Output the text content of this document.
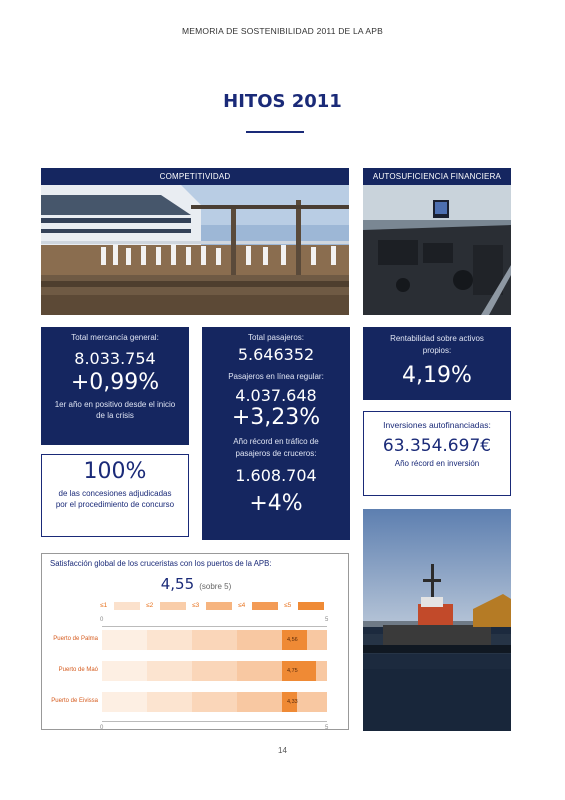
MEMORIA DE SOSTENIBILIDAD 2011 DE LA APB
HITOS 2011
COMPETITIVIDAD	AUTOSUFICIENCIA FINANCIERA
Total mercancía general:
8.033.754
+0,99%
1er año en positivo desde el inicio de la crisis
100%
de las concesiones adjudicadas por el procedimiento de concurso
Total pasajeros:
5.646352
Pasajeros en línea regular:
4.037.648
+3,23%
Año récord en tráfico de pasajeros de cruceros:
1.608.704
+4%
Rentabilidad sobre activos propios:
4,19%
Inversiones autofinanciadas:
63.354.697€
Año récord en inversión
Satisfacción global de los cruceristas con los puertos de la APB:
4,55 (sobre 5)
≤1	≤2	≤3	≤4	≤5
0	5
0	5
Puerto de Palma	4,56
Puerto de Maó	4,75
Puerto de Eivissa	4,33
14
